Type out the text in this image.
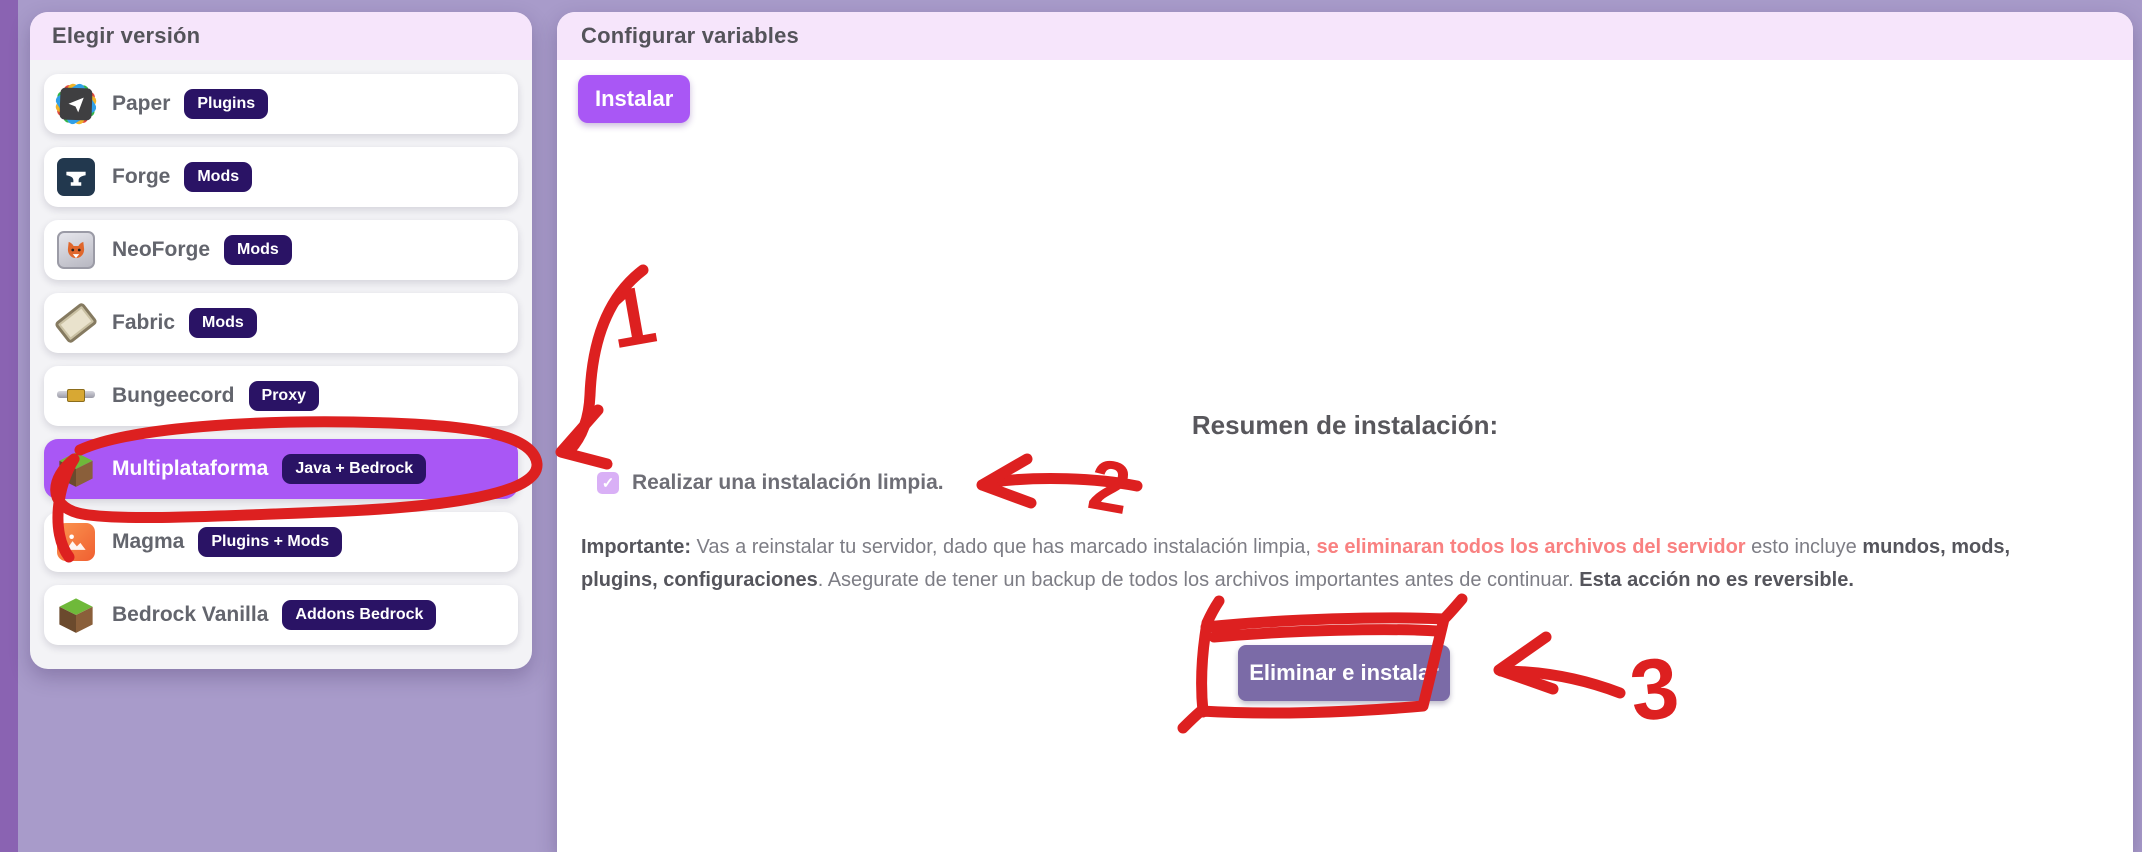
Elegir versión
Paper	Plugins
Forge	Mods
NeoForge	Mods
Fabric	Mods
Bungeecord	Proxy
Multiplataforma	Java + Bedrock
Magma	Plugins + Mods
Bedrock Vanilla	Addons Bedrock
Configurar variables
Instalar
Resumen de instalación:
✓ Realizar una instalación limpia.
Importante: Vas a reinstalar tu servidor, dado que has marcado instalación limpia, se eliminaran todos los archivos del servidor esto incluye mundos, mods, plugins, configuraciones. Asegurate de tener un backup de todos los archivos importantes antes de continuar. Esta acción no es reversible.
Eliminar e instalar
1
2
3
